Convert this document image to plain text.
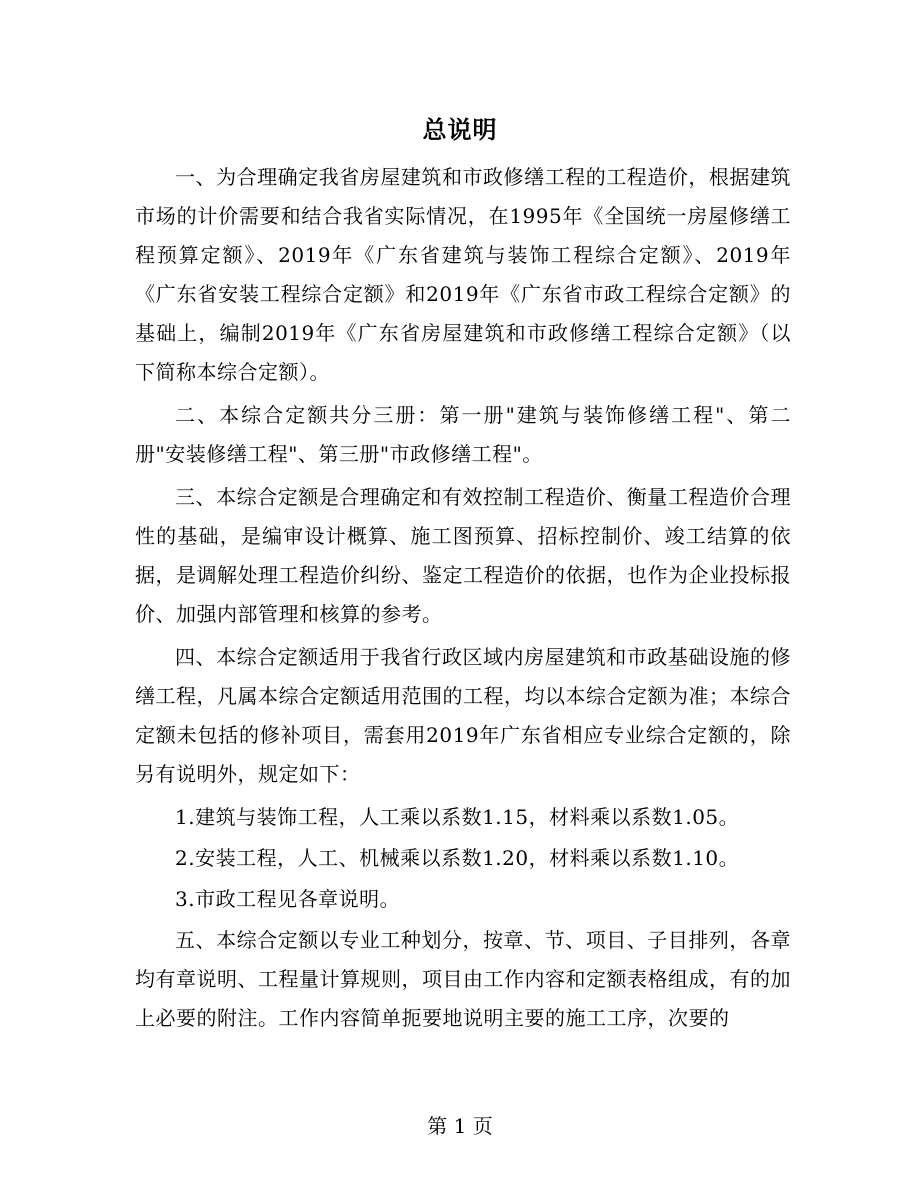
总说明

一、为合理确定我省房屋建筑和市政修缮工程的工程造价，根据建筑市场的计价需要和结合我省实际情况，在1995年《全国统一房屋修缮工程预算定额》、2019年《广东省建筑与装饰工程综合定额》、2019年《广东省安装工程综合定额》和2019年《广东省市政工程综合定额》的基础上，编制2019年《广东省房屋建筑和市政修缮工程综合定额》（以下简称本综合定额）。

二、本综合定额共分三册：第一册"建筑与装饰修缮工程"、第二册"安装修缮工程"、第三册"市政修缮工程"。

三、本综合定额是合理确定和有效控制工程造价、衡量工程造价合理性的基础，是编审设计概算、施工图预算、招标控制价、竣工结算的依据，是调解处理工程造价纠纷、鉴定工程造价的依据，也作为企业投标报价、加强内部管理和核算的参考。

四、本综合定额适用于我省行政区域内房屋建筑和市政基础设施的修缮工程，凡属本综合定额适用范围的工程，均以本综合定额为准；本综合定额未包括的修补项目，需套用2019年广东省相应专业综合定额的，除另有说明外，规定如下：

1.建筑与装饰工程，人工乘以系数1.15，材料乘以系数1.05。

2.安装工程，人工、机械乘以系数1.20，材料乘以系数1.10。

3.市政工程见各章说明。

五、本综合定额以专业工种划分，按章、节、项目、子目排列，各章均有章说明、工程量计算规则，项目由工作内容和定额表格组成，有的加上必要的附注。工作内容简单扼要地说明主要的施工工序，次要的

第 1 页
